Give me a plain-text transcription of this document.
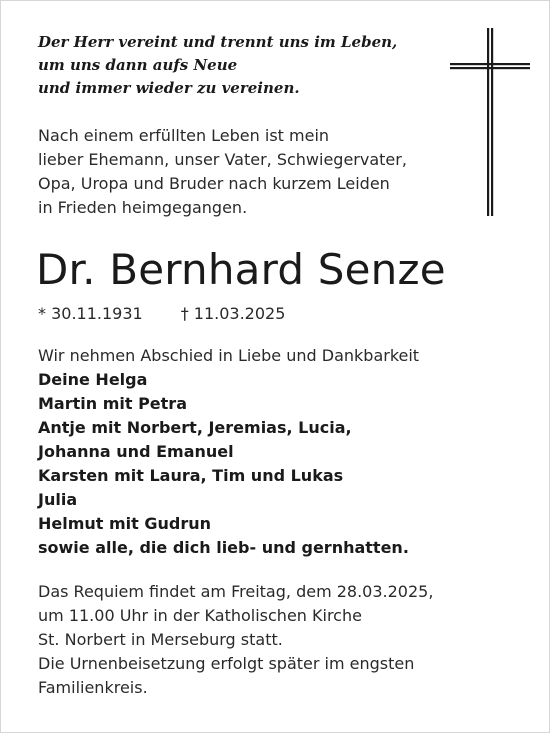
Der Herr vereint und trennt uns im Leben,
um uns dann aufs Neue
und immer wieder zu vereinen.
Nach einem erfüllten Leben ist mein
lieber Ehemann, unser Vater, Schwiegervater,
Opa, Uropa und Bruder nach kurzem Leiden
in Frieden heimgegangen.
Dr. Bernhard Senze
* 30.11.1931 † 11.03.2025
Wir nehmen Abschied in Liebe und Dankbarkeit
Deine Helga
Martin mit Petra
Antje mit Norbert, Jeremias, Lucia,
Johanna und Emanuel
Karsten mit Laura, Tim und Lukas
Julia
Helmut mit Gudrun
sowie alle, die dich lieb- und gernhatten.
Das Requiem findet am Freitag, dem 28.03.2025,
um 11.00 Uhr in der Katholischen Kirche
St. Norbert in Merseburg statt.
Die Urnenbeisetzung erfolgt später im engsten
Familienkreis.
